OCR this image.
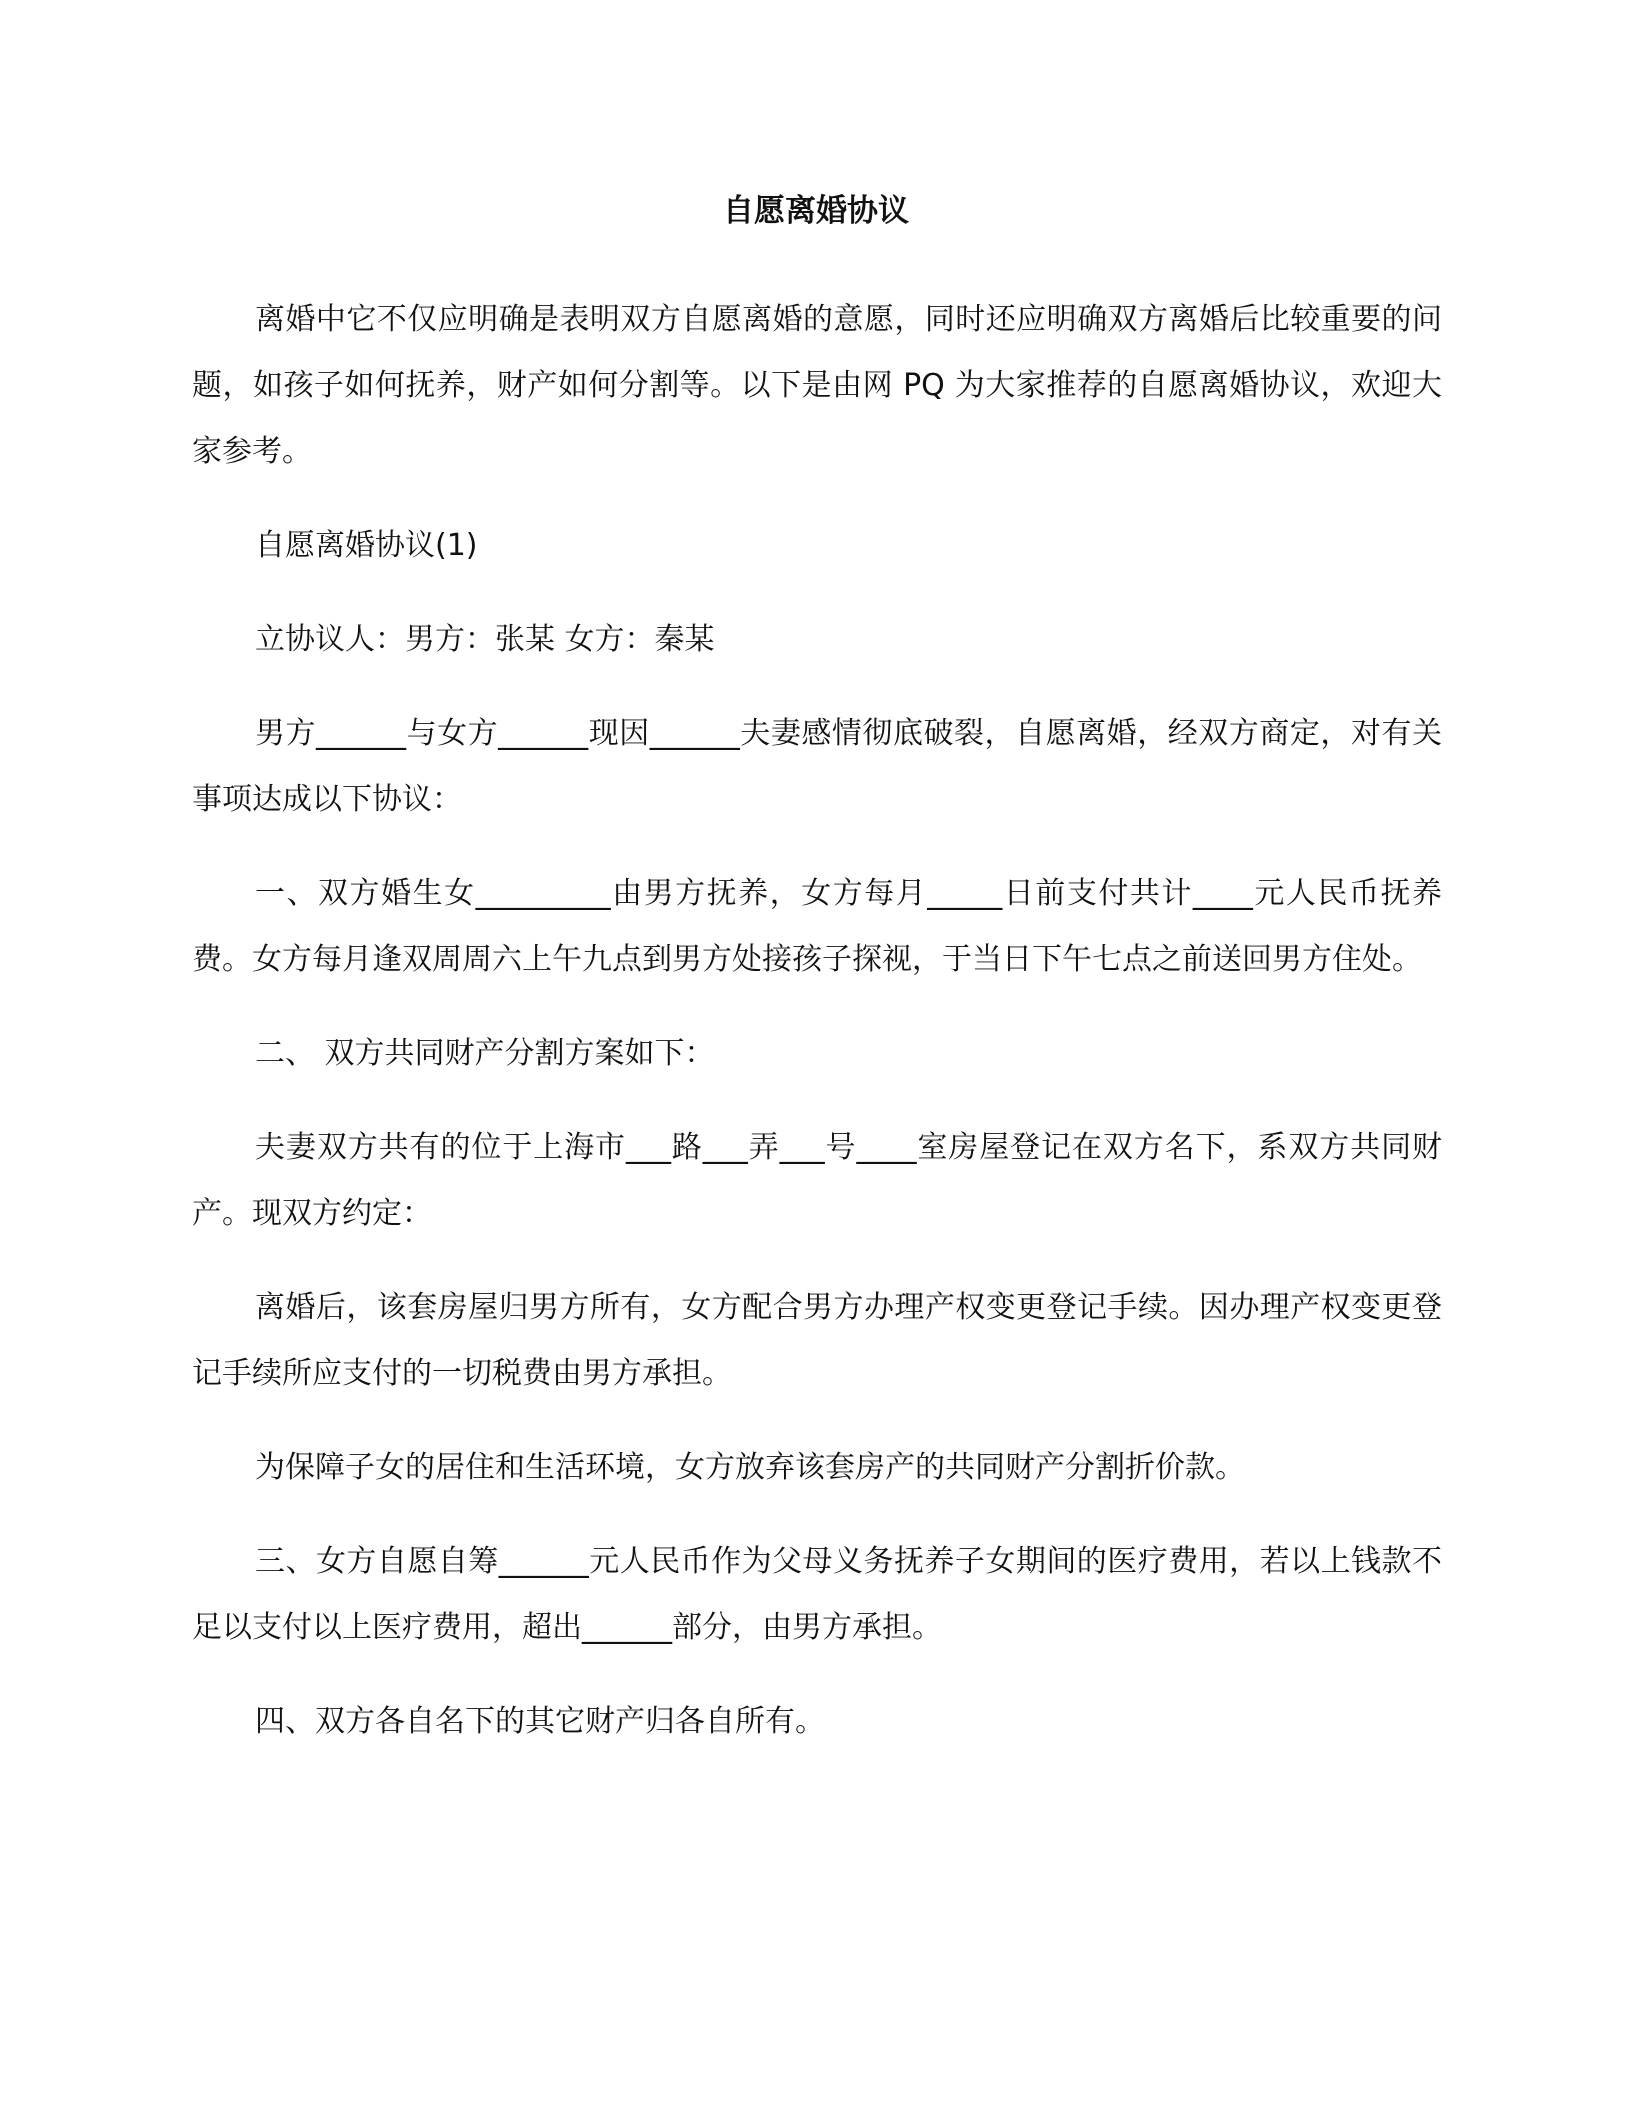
自愿离婚协议

离婚中它不仅应明确是表明双方自愿离婚的意愿，同时还应明确双方离婚后比较重要的问题，如孩子如何抚养，财产如何分割等。以下是由网 PQ 为大家推荐的自愿离婚协议，欢迎大家参考。

自愿离婚协议(1)

立协议人：男方：张某 女方：秦某

男方______与女方______现因______夫妻感情彻底破裂，自愿离婚，经双方商定，对有关事项达成以下协议：

一、双方婚生女_________由男方抚养，女方每月_____日前支付共计____元人民币抚养费。女方每月逢双周周六上午九点到男方处接孩子探视，于当日下午七点之前送回男方住处。

二、 双方共同财产分割方案如下：

夫妻双方共有的位于上海市___路___弄___号____室房屋登记在双方名下，系双方共同财产。现双方约定：

离婚后，该套房屋归男方所有，女方配合男方办理产权变更登记手续。因办理产权变更登记手续所应支付的一切税费由男方承担。

为保障子女的居住和生活环境，女方放弃该套房产的共同财产分割折价款。

三、女方自愿自筹______元人民币作为父母义务抚养子女期间的医疗费用，若以上钱款不足以支付以上医疗费用，超出______部分，由男方承担。

四、双方各自名下的其它财产归各自所有。
